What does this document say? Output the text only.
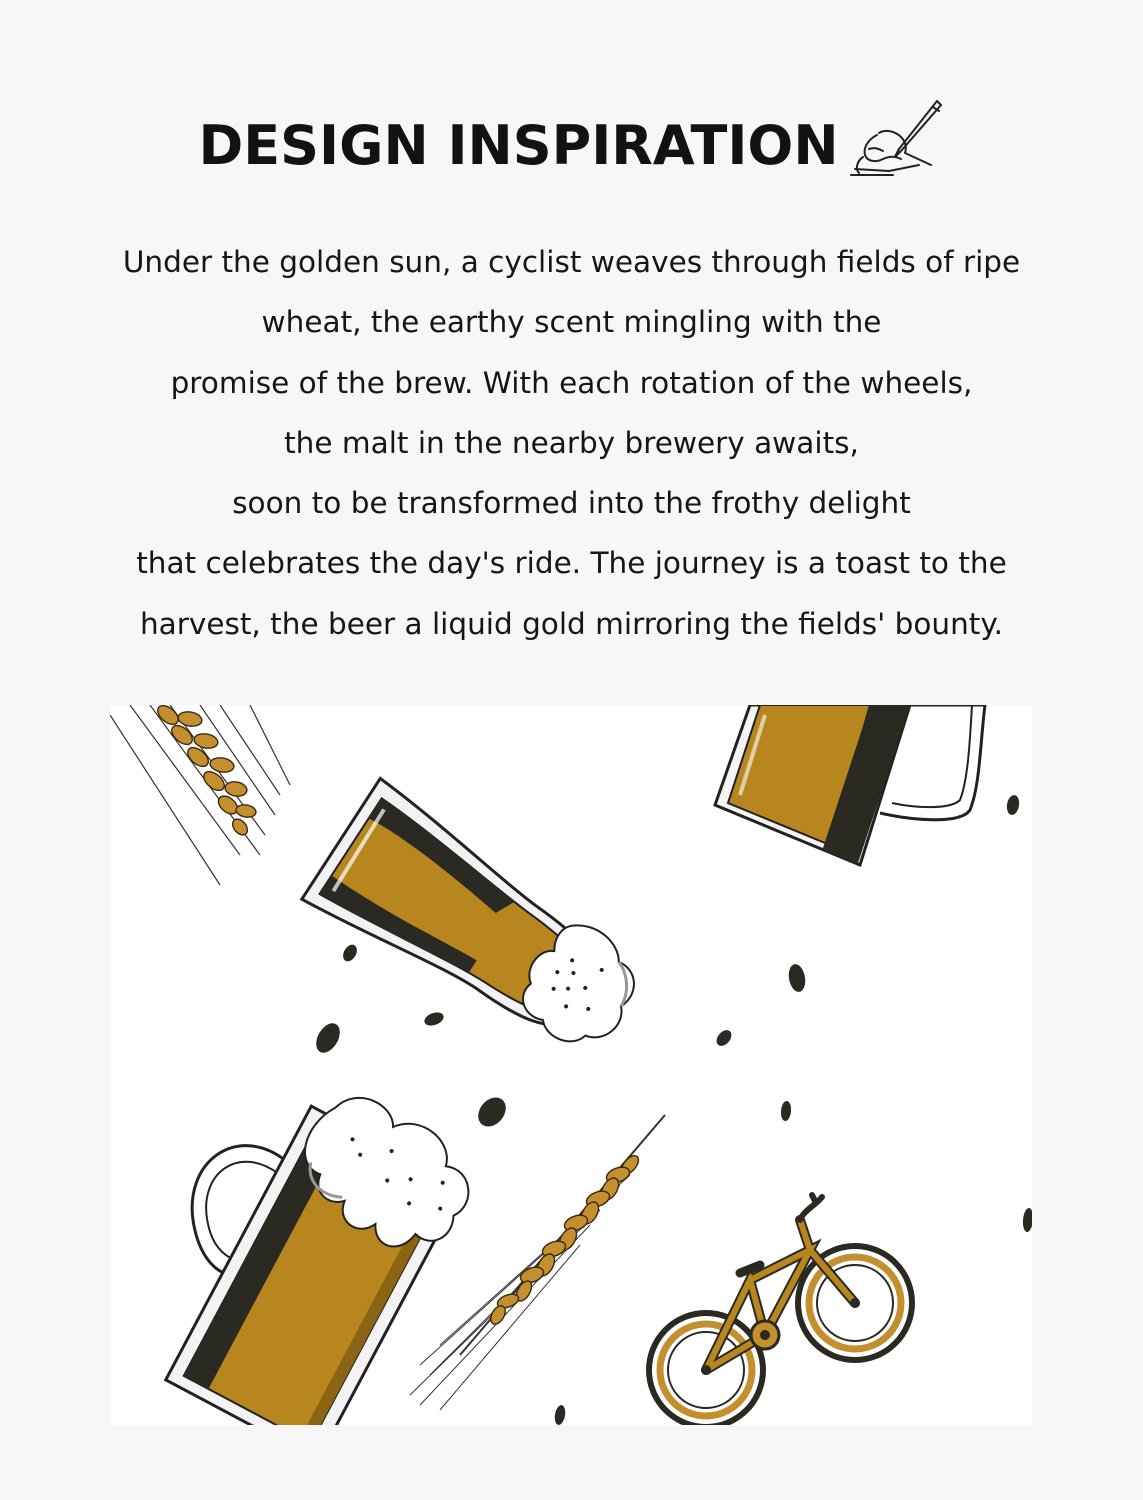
DESIGN INSPIRATION
Under the golden sun, a cyclist weaves through fields of ripe
wheat, the earthy scent mingling with the
promise of the brew. With each rotation of the wheels,
the malt in the nearby brewery awaits,
soon to be transformed into the frothy delight
that celebrates the day's ride. The journey is a toast to the
harvest, the beer a liquid gold mirroring the fields' bounty.
